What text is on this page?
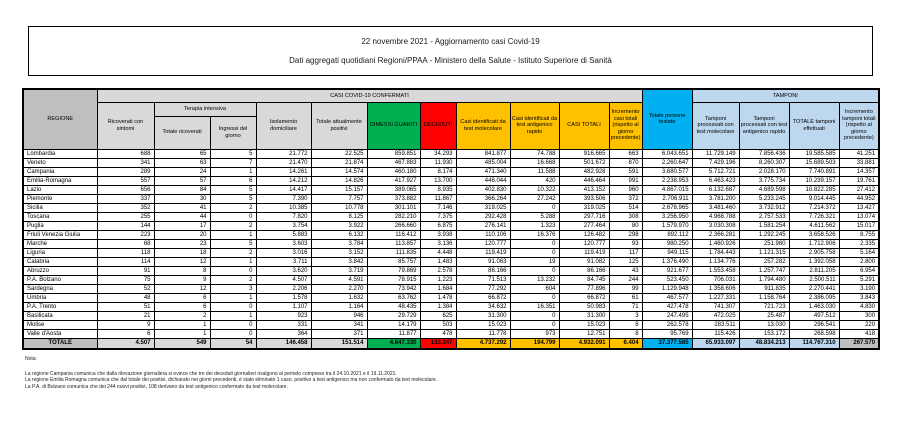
22 novembre 2021 - Aggiornamento casi Covid-19
Dati aggregati quotidiani Regioni/PPAA - Ministero della Salute - Istituto Superiore di Sanità
REGIONE	CASI COVID-19 CONFERMATI											Totale persone testate	TAMPONI			
	Ricoverati con sintomi	Terapia intensiva		Isolamento domiciliare	Totale attualmente positivi	DIMESSI GUARITI	DECEDUTI	Casi identificati da test molecolare	Casi identificati da test antigenico rapido	CASI TOTALI	Incremento casi totali (rispetto al giorno precedente)		Tamponi processati con test molecolare	Tamponi processati con test antigenico rapido	TOTALE tamponi effettuati	Incremento tamponi totali (rispetto al giorno precedente)
		Totale ricoverati	Ingressi del giorno													
Lombardia	688	65	5	21.772	22.525	859.851	34.293	841.877	74.788	916.665	663	6.043.651	11.729.149	7.856.436	19.585.585	41.251
Veneto	341	63	7	21.470	21.874	467.883	11.930	485.004	16.668	501.672	870	2.260.647	7.429.196	8.260.307	15.689.503	33.881
Campania	289	24	1	14.261	14.574	460.180	8.174	471.340	11.588	482.928	591	3.680.577	5.712.721	2.028.170	7.740.891	14.357
Emilia-Romagna	557	57	6	14.212	14.826	417.927	13.700	446.044	420	446.464	991	2.238.953	6.463.423	3.775.734	10.239.157	19.761
Lazio	656	84	5	14.417	15.157	389.065	8.935	402.830	10.322	413.152	960	4.867.015	6.132.687	4.689.598	10.822.285	27.412
Piemonte	337	30	5	7.390	7.757	373.882	11.867	366.264	27.242	393.506	372	2.706.911	3.781.200	5.233.245	9.014.445	44.952
Sicilia	352	41	2	10.385	10.778	301.101	7.146	319.025	0	319.025	514	2.678.965	3.481.460	3.732.912	7.214.372	13.427
Toscana	255	44	0	7.820	8.125	282.210	7.375	292.428	5.288	297.716	308	3.256.950	4.968.788	2.757.533	7.726.321	13.074
Puglia	144	17	2	3.754	3.922	266.660	6.875	276.141	1.323	277.464	80	1.579.970	3.030.308	1.581.254	4.611.562	15.017
Friuli Venezia Giulia	223	20	1	5.883	6.132	116.412	3.938	110.106	16.376	126.482	298	892.112	2.366.281	1.292.245	3.658.526	8.755
Marche	68	23	5	3.603	3.784	113.857	3.136	120.777	0	120.777	93	980.250	1.460.926	251.980	1.712.906	2.335
Liguria	118	18	2	3.016	3.152	111.835	4.448	119.419	0	119.419	117	949.115	1.784.443	1.121.315	2.905.758	5.164
Calabria	114	12	1	3.711	3.842	85.757	1.483	91.063	19	91.082	125	1.376.490	1.134.776	257.282	1.392.058	2.800
Abruzzo	91	8	0	3.620	3.719	79.869	2.578	86.166	0	86.166	43	921.677	1.553.458	1.257.747	2.811.205	6.954
P.A. Bolzano	75	9	2	4.507	4.591	78.915	1.223	71.513	13.232	84.745	244	523.450	706.031	1.794.480	2.500.511	5.291
Sardegna	52	12	3	2.206	2.270	73.942	1.684	77.292	604	77.896	99	1.129.948	1.358.606	911.835	2.270.441	3.190
Umbria	48	6	1	1.578	1.632	63.762	1.478	66.872	0	66.872	61	467.577	1.227.331	1.158.764	2.386.095	3.843
P.A. Trento	51	6	0	1.107	1.164	48.435	1.384	34.632	16.351	50.983	71	427.478	741.307	721.723	1.463.030	4.830
Basilicata	21	2	1	923	946	29.729	625	31.300	0	31.300	3	247.495	472.025	25.487	497.512	300
Molise	9	1	0	331	341	14.179	503	15.023	0	15.023	8	262.578	283.511	13.030	296.541	220
Valle d'Aosta	6	1	0	364	371	11.877	478	11.778	973	12.751	8	95.769	115.426	153.172	268.598	418
TOTALE	4.507	549	54	146.458	151.514	4.647.330	133.247	4.737.292	194.799	4.932.091	6.404	37.377.585	65.933.097	48.834.213	114.767.310	267.570
Nota:
La regione Campania comunica che dalla rilevazione giornaliera si evince che tre dei deceduti giornalieri risalgono al periodo compreso tra il 24.10.2021 e il 19.11.2021.
La regione Emilia Romagna comunica che dal totale dei positivi, dichiarato nei giorni precedenti, è stato eliminato 1 caso, positivo a test antigenico ma non confermato da test molecolare.
La P.A. di Bolzano comunica che dei 244 nuovi positivi, 108 derivano da test antigenico confermato da test molecolare.
